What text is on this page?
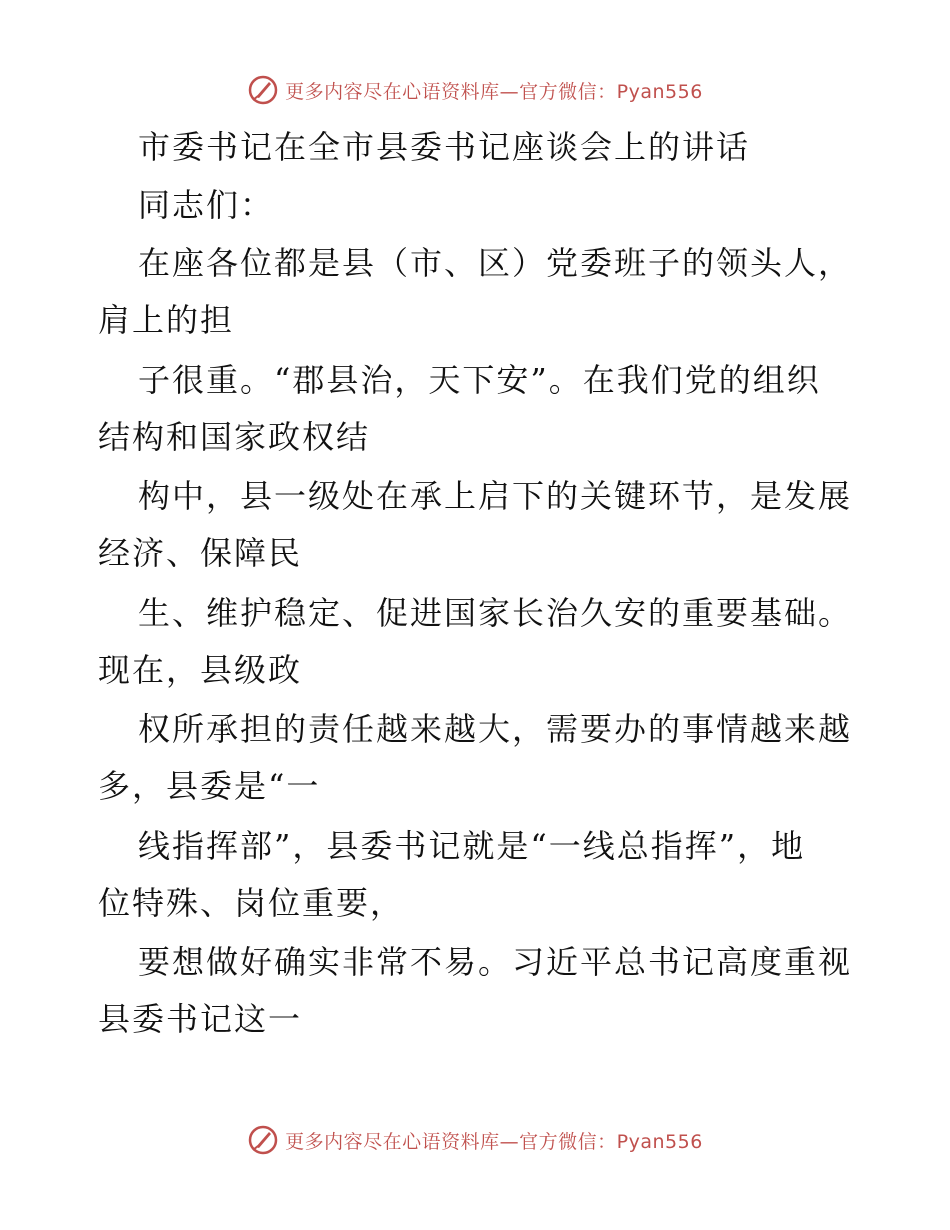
更多内容尽在心语资料库—官方微信：Pyan556
市委书记在全市县委书记座谈会上的讲话
同志们：
在座各位都是县（市、区）党委班子的领头人，
肩上的担
子很重。“郡县治，天下安”。在我们党的组织
结构和国家政权结
构中，县一级处在承上启下的关键环节，是发展
经济、保障民
生、维护稳定、促进国家长治久安的重要基础。
现在，县级政
权所承担的责任越来越大，需要办的事情越来越
多，县委是“一
线指挥部”，县委书记就是“一线总指挥”，地
位特殊、岗位重要，
要想做好确实非常不易。习近平总书记高度重视
县委书记这一
更多内容尽在心语资料库—官方微信：Pyan556
